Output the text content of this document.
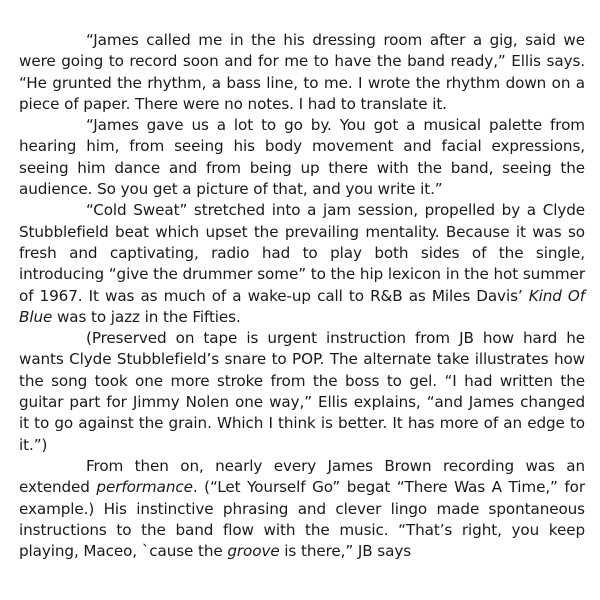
“James called me in the his dressing room after a gig, said we were going to record soon and for me to have the band ready,” Ellis says. “He grunted the rhythm, a bass line, to me. I wrote the rhythm down on a piece of paper. There were no notes. I had to translate it.

“James gave us a lot to go by. You got a musical palette from hearing him, from seeing his body movement and facial expressions, seeing him dance and from being up there with the band, seeing the audience. So you get a picture of that, and you write it.”

“Cold Sweat” stretched into a jam session, propelled by a Clyde Stubblefield beat which upset the prevailing mentality. Because it was so fresh and captivating, radio had to play both sides of the single, introducing “give the drummer some” to the hip lexicon in the hot summer of 1967. It was as much of a wake-up call to R&B as Miles Davis’ Kind Of Blue was to jazz in the Fifties.

(Preserved on tape is urgent instruction from JB how hard he wants Clyde Stubblefield’s snare to POP. The alternate take illustrates how the song took one more stroke from the boss to gel. “I had written the guitar part for Jimmy Nolen one way,” Ellis explains, “and James changed it to go against the grain. Which I think is better. It has more of an edge to it.”)

From then on, nearly every James Brown recording was an extended performance. (“Let Yourself Go” begat “There Was A Time,” for example.) His instinctive phrasing and clever lingo made spontaneous instructions to the band flow with the music. “That’s right, you keep playing, Maceo, `cause the groove is there,” JB says
